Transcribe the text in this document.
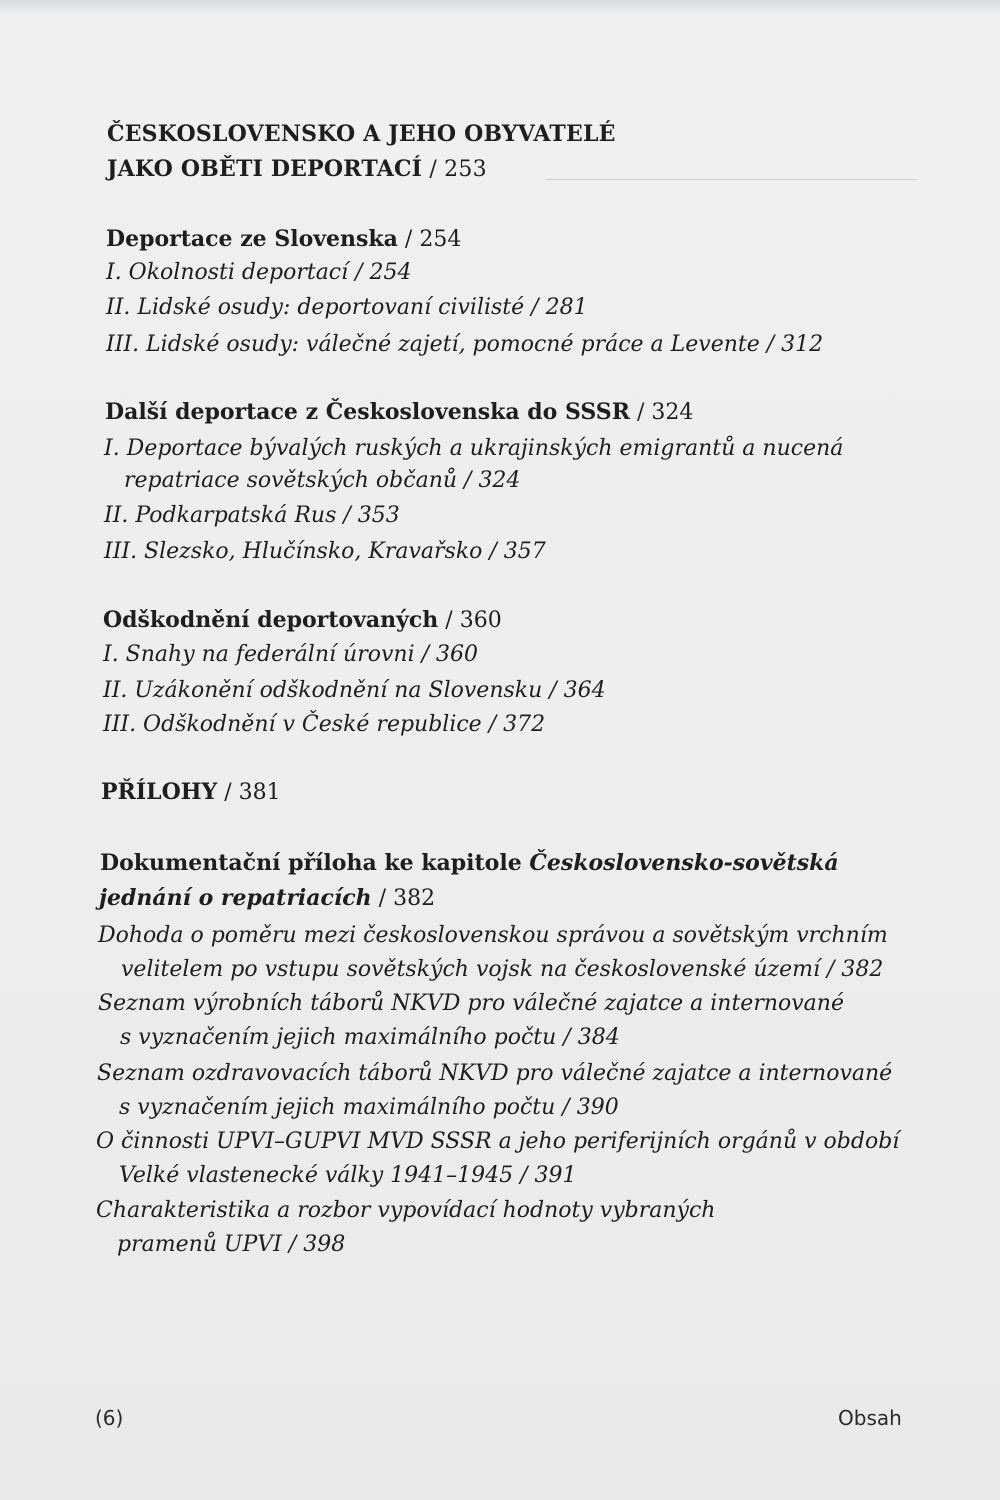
ČESKOSLOVENSKO A JEHO OBYVATELÉ
JAKO OBĚTI DEPORTACÍ / 253
Deportace ze Slovenska / 254
I. Okolnosti deportací / 254
II. Lidské osudy: deportovaní civilisté / 281
III. Lidské osudy: válečné zajetí, pomocné práce a Levente / 312
Další deportace z Československa do SSSR / 324
I. Deportace bývalých ruských a ukrajinských emigrantů a nucená
repatriace sovětských občanů / 324
II. Podkarpatská Rus / 353
III. Slezsko, Hlučínsko, Kravařsko / 357
Odškodnění deportovaných / 360
I. Snahy na federální úrovni / 360
II. Uzákonění odškodnění na Slovensku / 364
III. Odškodnění v České republice / 372
PŘÍLOHY / 381
Dokumentační příloha ke kapitole Československo-sovětská
jednání o repatriacích / 382
Dohoda o poměru mezi československou správou a sovětským vrchním
velitelem po vstupu sovětských vojsk na československé území / 382
Seznam výrobních táborů NKVD pro válečné zajatce a internované
s vyznačením jejich maximálního počtu / 384
Seznam ozdravovacích táborů NKVD pro válečné zajatce a internované
s vyznačením jejich maximálního počtu / 390
O činnosti UPVI–GUPVI MVD SSSR a jeho periferijních orgánů v období
Velké vlastenecké války 1941–1945 / 391
Charakteristika a rozbor vypovídací hodnoty vybraných
pramenů UPVI / 398
(6)	Obsah
